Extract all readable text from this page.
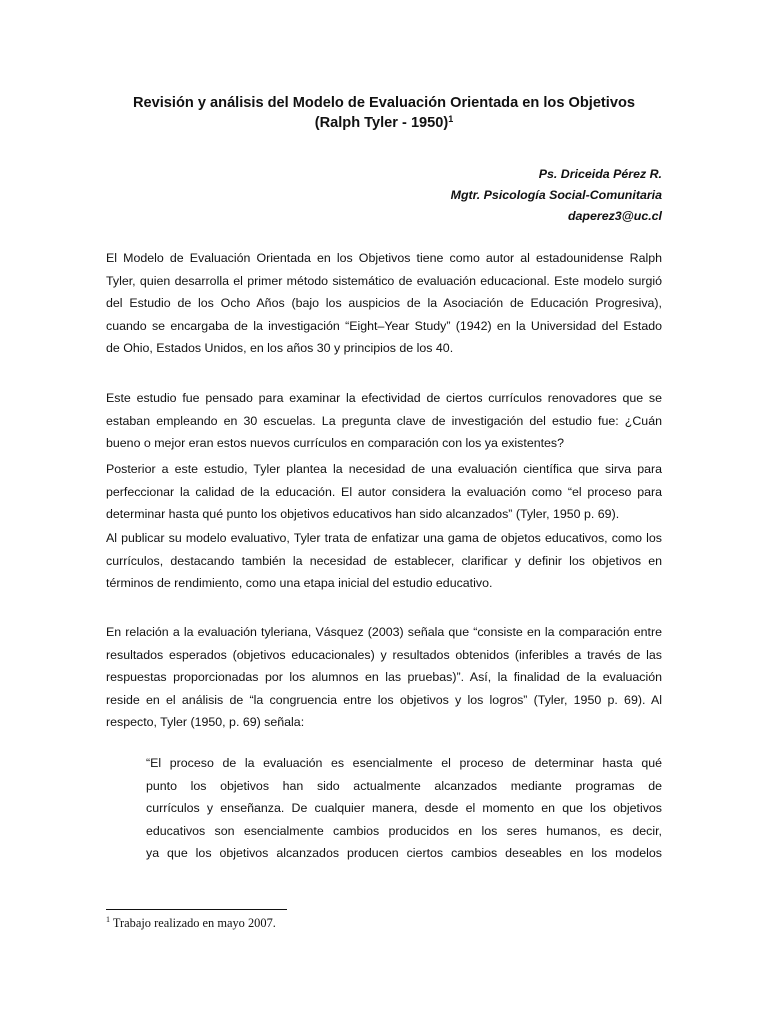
Revisión y análisis del Modelo de Evaluación Orientada en los Objetivos
(Ralph Tyler - 1950)$^1$
Ps. Driceida Pérez R.
Mgtr. Psicología Social-Comunitaria
daperez3@uc.cl
El Modelo de Evaluación Orientada en los Objetivos tiene como autor al estadounidense Ralph
Tyler, quien desarrolla el primer método sistemático de evaluación educacional. Este modelo surgió
del Estudio de los Ocho Años (bajo los auspicios de la Asociación de Educación Progresiva),
cuando se encargaba de la investigación “Eight–Year Study” (1942) en la Universidad del Estado
de Ohio, Estados Unidos, en los años 30 y principios de los 40.
Este estudio fue pensado para examinar la efectividad de ciertos currículos renovadores que se
estaban empleando en 30 escuelas. La pregunta clave de investigación del estudio fue: ¿Cuán
bueno o mejor eran estos nuevos currículos en comparación con los ya existentes?
Posterior a este estudio, Tyler plantea la necesidad de una evaluación científica que sirva para
perfeccionar la calidad de la educación. El autor considera la evaluación como “el proceso para
determinar hasta qué punto los objetivos educativos han sido alcanzados” (Tyler, 1950 p. 69).
Al publicar su modelo evaluativo, Tyler trata de enfatizar una gama de objetos educativos, como los
currículos, destacando también la necesidad de establecer, clarificar y definir los objetivos en
términos de rendimiento, como una etapa inicial del estudio educativo.
En relación a la evaluación tyleriana, Vásquez (2003) señala que “consiste en la comparación entre
resultados esperados (objetivos educacionales) y resultados obtenidos (inferibles a través de las
respuestas proporcionadas por los alumnos en las pruebas)”. Así, la finalidad de la evaluación
reside en el análisis de “la congruencia entre los objetivos y los logros” (Tyler, 1950 p. 69). Al
respecto, Tyler (1950, p. 69) señala:
“El proceso de la evaluación es esencialmente el proceso de determinar hasta qué
punto los objetivos han sido actualmente alcanzados mediante programas de
currículos y enseñanza. De cualquier manera, desde el momento en que los objetivos
educativos son esencialmente cambios producidos en los seres humanos, es decir,
ya que los objetivos alcanzados producen ciertos cambios deseables en los modelos
$^1$ Trabajo realizado en mayo 2007.
